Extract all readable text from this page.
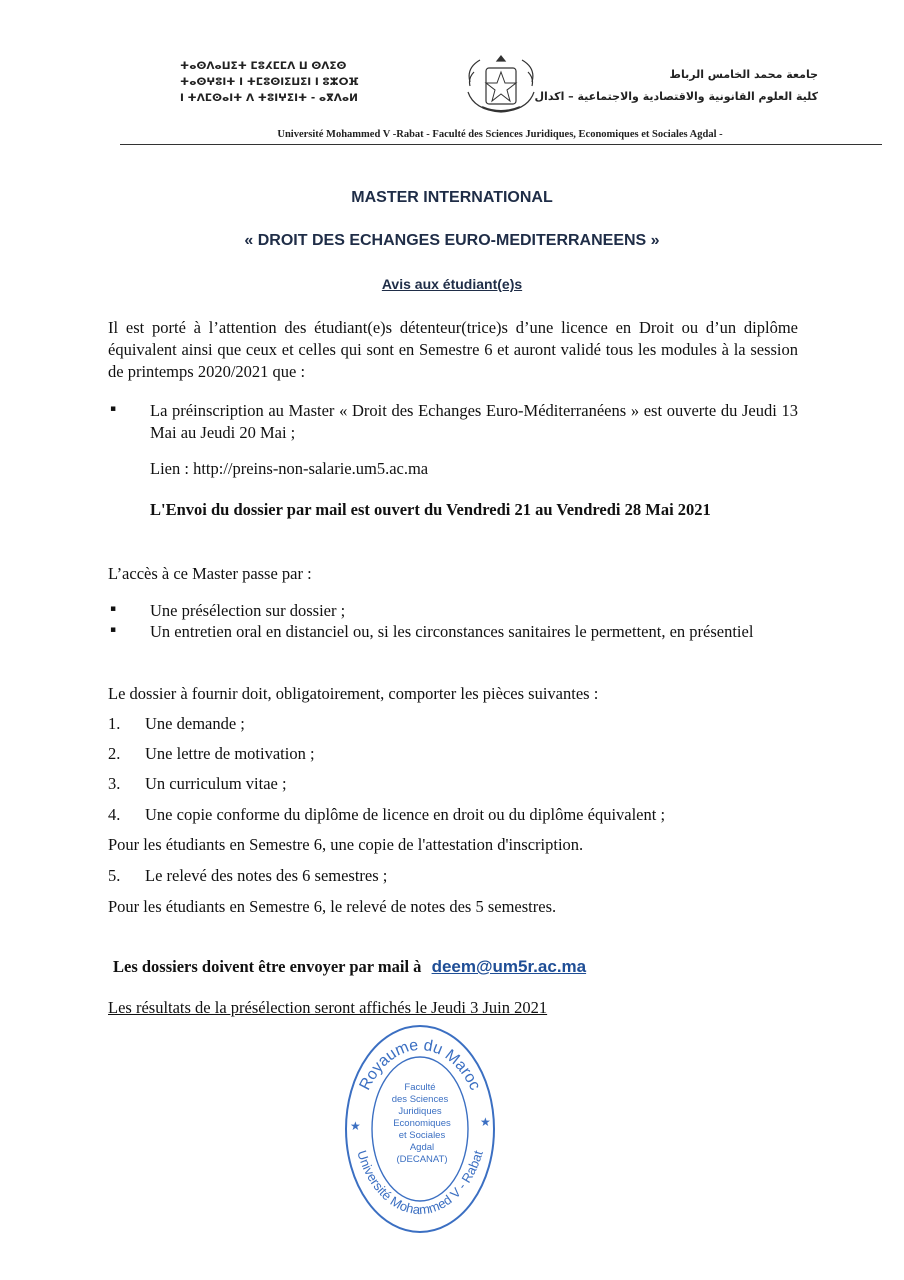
ⵜⴰⵙⴷⴰⵡⵉⵜ ⵎⵓⵃⵎⵎⴷ ⵡ ⵙⴷⵉⵙ
ⵜⴰⵙⵖⵓⵏⵜ ⵏ ⵜⵎⵓⵙⵏⵉⵡⵉⵏ ⵏ ⵓⵣⵔⴼ
ⵏ ⵜⴷⵎⵙⴰⵏⵜ ⴷ ⵜⵓⵏⵖⵉⵏⵜ - ⴰⴳⴷⴰⵍ
جامعة محمد الخامس الرباط
كلية العلوم القانونية والاقتصادية والاجتماعية – اكدال
Université Mohammed V -Rabat - Faculté des Sciences Juridiques, Economiques et Sociales Agdal -
MASTER INTERNATIONAL
« DROIT DES ECHANGES EURO-MEDITERRANEENS »
Avis aux étudiant(e)s
Il est porté à l’attention des étudiant(e)s détenteur(trice)s d’une licence en Droit ou d’un diplôme équivalent ainsi que ceux et celles qui sont en Semestre 6 et auront validé tous les modules à la session de printemps 2020/2021 que :
▪ La préinscription au Master « Droit des Echanges Euro-Méditerranéens » est ouverte du Jeudi 13 Mai au Jeudi 20 Mai ;
Lien : http://preins-non-salarie.um5.ac.ma
L'Envoi du dossier par mail est ouvert du Vendredi 21 au Vendredi 28 Mai 2021
L’accès à ce Master passe par :
▪ Une présélection sur dossier ;
▪ Un entretien oral en distanciel ou, si les circonstances sanitaires le permettent, en présentiel
Le dossier à fournir doit, obligatoirement, comporter les pièces suivantes :
1. Une demande ;
2. Une lettre de motivation ;
3. Un curriculum vitae ;
4. Une copie conforme du diplôme de licence en droit ou du diplôme équivalent ;
Pour les étudiants en Semestre 6, une copie de l'attestation d'inscription.
5. Le relevé des notes des 6 semestres ;
Pour les étudiants en Semestre 6, le relevé de notes des 5 semestres.
Les dossiers doivent être envoyer par mail à deem@um5r.ac.ma
Les résultats de la présélection seront affichés le Jeudi 3 Juin 2021
Royaume du Maroc
Université Mohammed V - Rabat
★	★
Faculté
des Sciences
Juridiques
Economiques
et Sociales
Agdal
(DECANAT)
